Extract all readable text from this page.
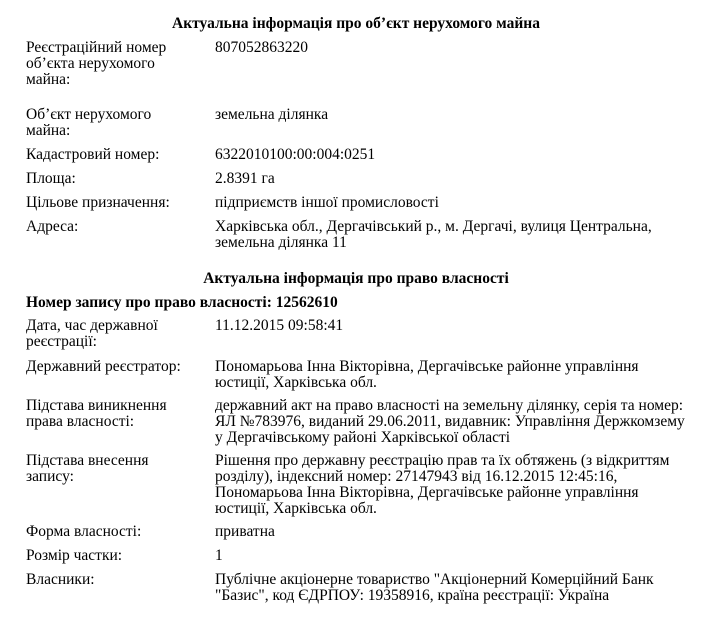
Актуальна інформація про об’єкт нерухомого майна
Реєстраційний номер об’єкта нерухомого майна:
807052863220
Об’єкт нерухомого майна:
земельна ділянка
Кадастровий номер:	6322010100:00:004:0251
Площа:	2.8391 га
Цільове призначення:	підприємств іншої промисловості
Адреса:	Харківська обл., Дергачівський р., м. Дергачі, вулиця Центральна, земельна ділянка 11
Актуальна інформація про право власності
Номер запису про право власності: 12562610
Дата, час державної реєстрації:
11.12.2015 09:58:41
Державний реєстратор:	Пономарьова Інна Вікторівна, Дергачівське районне управління юстиції, Харківська обл.
Підстава виникнення права власності:
державний акт на право власності на земельну ділянку, серія та номер: ЯЛ №783976, виданий 29.06.2011, видавник: Управління Держкомзему у Дергачівському районі Харківської області
Підстава внесення запису:
Рішення про державну реєстрацію прав та їх обтяжень (з відкриттям розділу), індексний номер: 27147943 від 16.12.2015 12:45:16, Пономарьова Інна Вікторівна, Дергачівське районне управління юстиції, Харківська обл.
Форма власності:	приватна
Розмір частки:	1
Власники:	Публічне акціонерне товариство "Акціонерний Комерційний Банк "Базис", код ЄДРПОУ: 19358916, країна реєстрації: Україна
